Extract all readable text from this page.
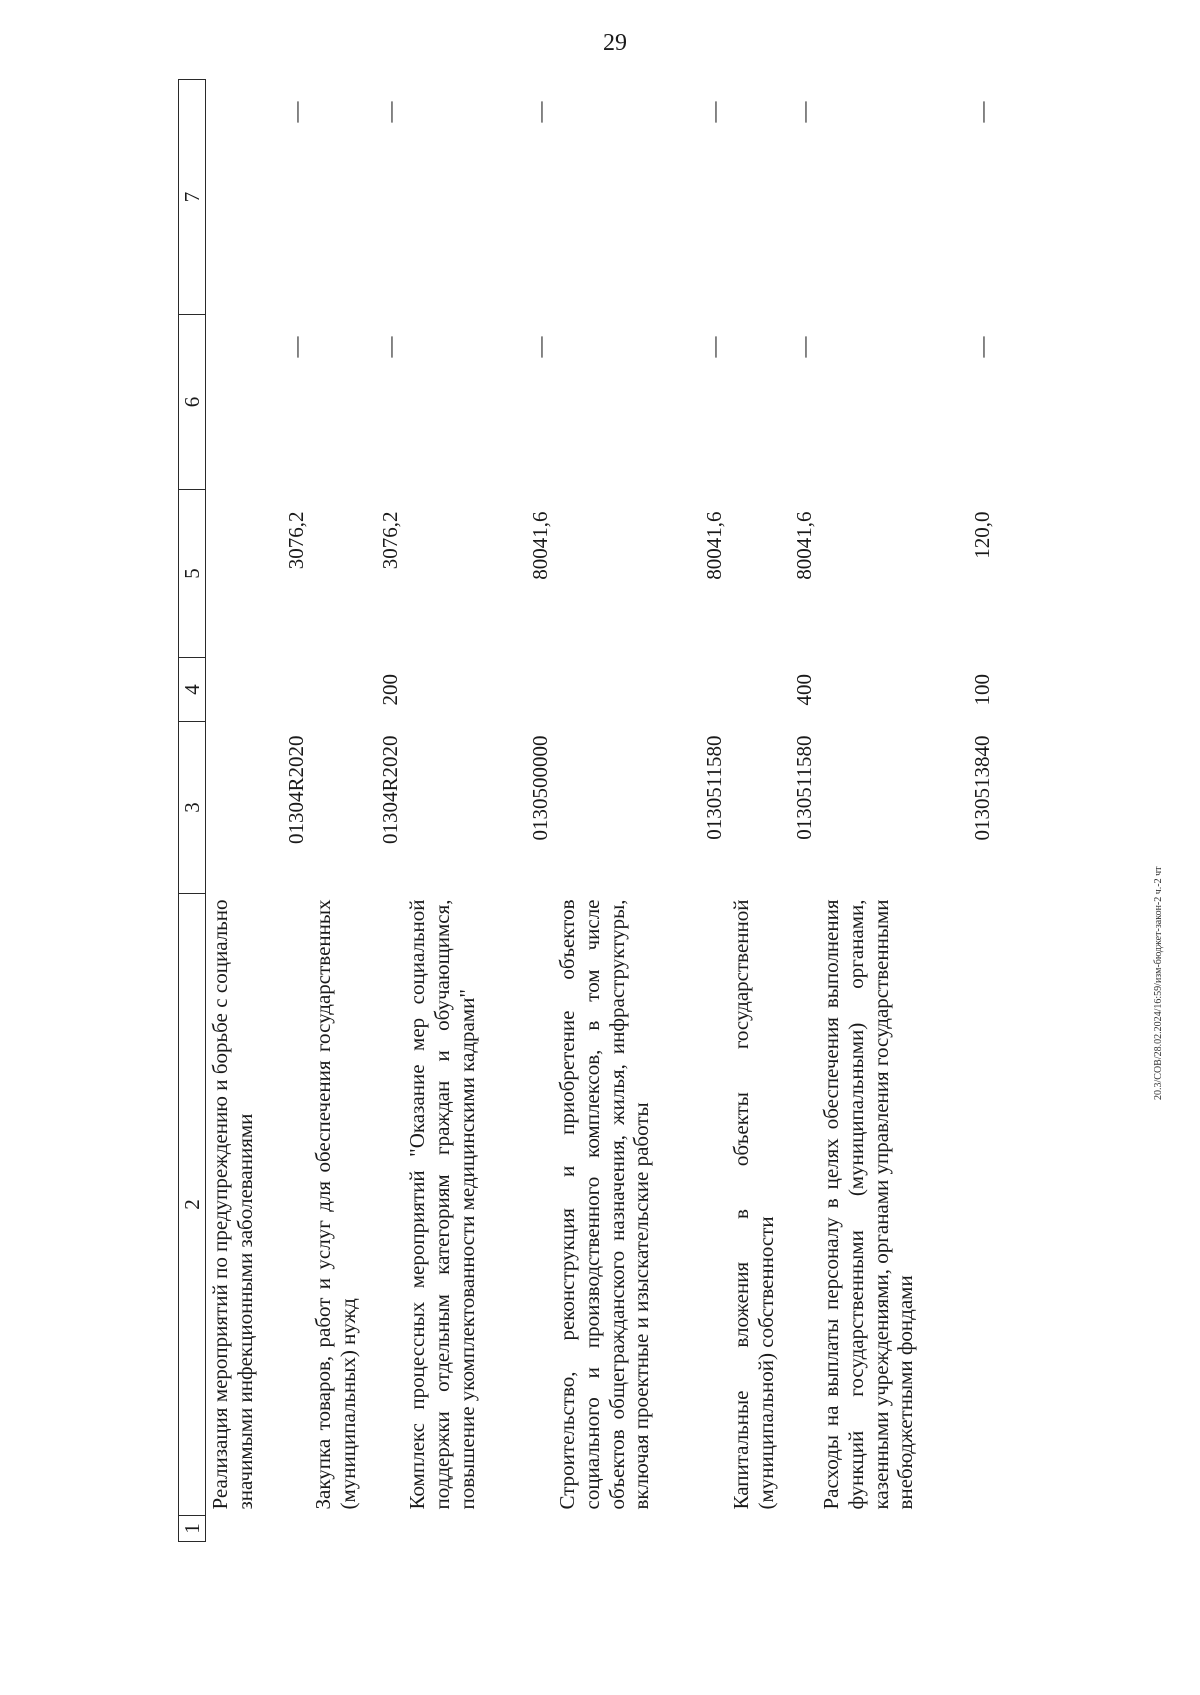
29
20.3/СОВ/28.02.2024/16:59/изм-бюджет-закон-2 ч.-2 чт
1	2	3	4	5	6	7
	Реализация мероприятий по предупреждению и борьбе с социально значимыми инфекционными заболеваниями	01304R2020		3076,2	—	—
	Закупка товаров, работ и услуг для обеспечения государственных (муниципальных) нужд	01304R2020	200	3076,2	—	—
	Комплекс процессных мероприятий "Оказание мер социальной поддержки отдельным категориям граждан и обучающимся, повышение укомплектованности медицинскими кадрами"	0130500000		80041,6	—	—
	Строительство, реконструкция и приобретение объектов социального и производственного комплексов, в том числе объектов общегражданского назначения, жилья, инфраструктуры, включая проектные и изыскательские работы	0130511580		80041,6	—	—
	Капитальные вложения в объекты государственной (муниципальной) собственности	0130511580	400	80041,6	—	—
	Расходы на выплаты персоналу в целях обеспечения выполнения функций государственными (муниципальными) органами, казенными учреждениями, органами управления государственными внебюджетными фондами	0130513840	100	120,0	—	—
